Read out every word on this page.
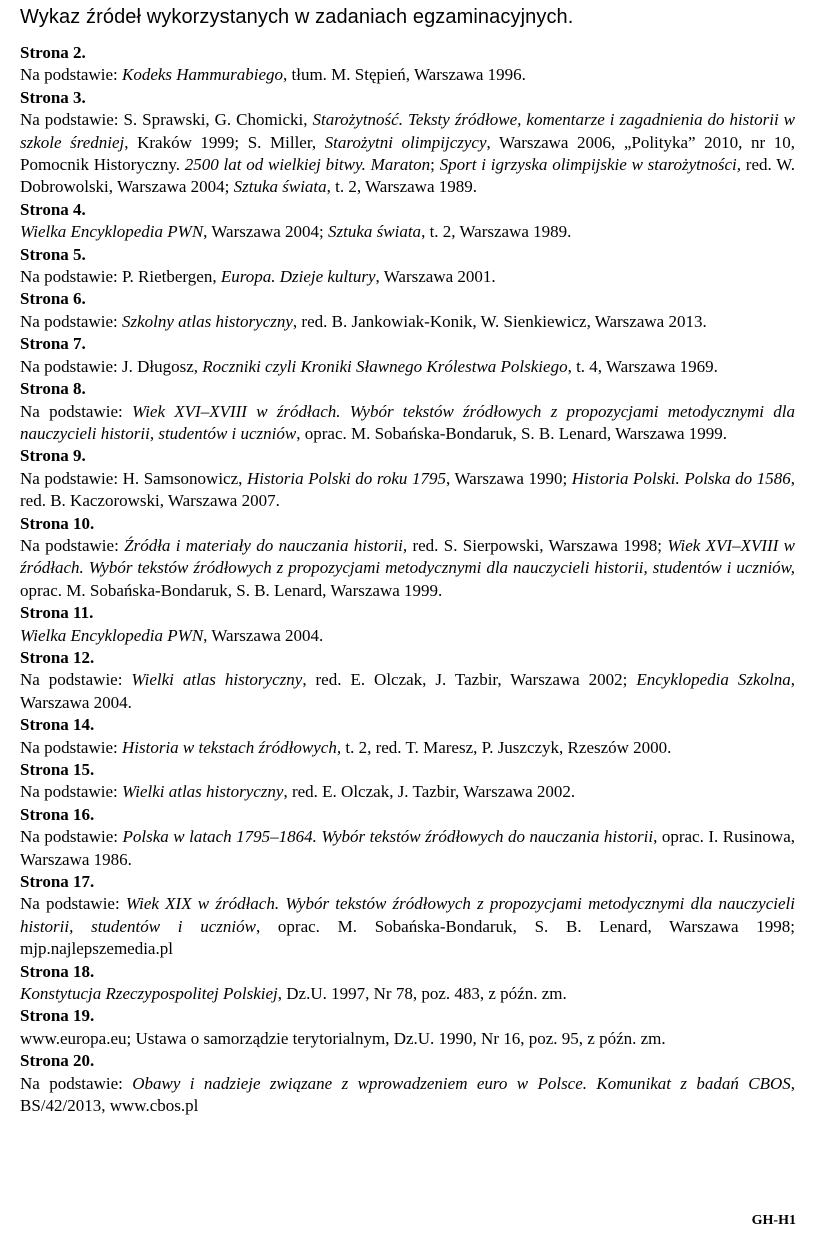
Wykaz źródeł wykorzystanych w zadaniach egzaminacyjnych.
Strona 2.
Na podstawie: Kodeks Hammurabiego, tłum. M. Stępień, Warszawa 1996.
Strona 3.
Na podstawie: S. Sprawski, G. Chomicki, Starożytność. Teksty źródłowe, komentarze i zagadnienia do historii w szkole średniej, Kraków 1999; S. Miller, Starożytni olimpijczycy, Warszawa 2006, „Polityka” 2010, nr 10, Pomocnik Historyczny. 2500 lat od wielkiej bitwy. Maraton; Sport i igrzyska olimpijskie w starożytności, red. W. Dobrowolski, Warszawa 2004; Sztuka świata, t. 2, Warszawa 1989.
Strona 4.
Wielka Encyklopedia PWN, Warszawa 2004; Sztuka świata, t. 2, Warszawa 1989.
Strona 5.
Na podstawie: P. Rietbergen, Europa. Dzieje kultury, Warszawa 2001.
Strona 6.
Na podstawie: Szkolny atlas historyczny, red. B. Jankowiak-Konik, W. Sienkiewicz, Warszawa 2013.
Strona 7.
Na podstawie: J. Długosz, Roczniki czyli Kroniki Sławnego Królestwa Polskiego, t. 4, Warszawa 1969.
Strona 8.
Na podstawie: Wiek XVI–XVIII w źródłach. Wybór tekstów źródłowych z propozycjami metodycznymi dla nauczycieli historii, studentów i uczniów, oprac. M. Sobańska-Bondaruk, S. B. Lenard, Warszawa 1999.
Strona 9.
Na podstawie: H. Samsonowicz, Historia Polski do roku 1795, Warszawa 1990; Historia Polski. Polska do 1586, red. B. Kaczorowski, Warszawa 2007.
Strona 10.
Na podstawie: Źródła i materiały do nauczania historii, red. S. Sierpowski, Warszawa 1998; Wiek XVI–XVIII w źródłach. Wybór tekstów źródłowych z propozycjami metodycznymi dla nauczycieli historii, studentów i uczniów, oprac. M. Sobańska-Bondaruk, S. B. Lenard, Warszawa 1999.
Strona 11.
Wielka Encyklopedia PWN, Warszawa 2004.
Strona 12.
Na podstawie: Wielki atlas historyczny, red. E. Olczak, J. Tazbir, Warszawa 2002; Encyklopedia Szkolna, Warszawa 2004.
Strona 14.
Na podstawie: Historia w tekstach źródłowych, t. 2, red. T. Maresz, P. Juszczyk, Rzeszów 2000.
Strona 15.
Na podstawie: Wielki atlas historyczny, red. E. Olczak, J. Tazbir, Warszawa 2002.
Strona 16.
Na podstawie: Polska w latach 1795–1864. Wybór tekstów źródłowych do nauczania historii, oprac. I. Rusinowa, Warszawa 1986.
Strona 17.
Na podstawie: Wiek XIX w źródłach. Wybór tekstów źródłowych z propozycjami metodycznymi dla nauczycieli historii, studentów i uczniów, oprac. M. Sobańska-Bondaruk, S. B. Lenard, Warszawa 1998; mjp.najlepszemedia.pl
Strona 18.
Konstytucja Rzeczypospolitej Polskiej, Dz.U. 1997, Nr 78, poz. 483, z późn. zm.
Strona 19.
www.europa.eu; Ustawa o samorządzie terytorialnym, Dz.U. 1990, Nr 16, poz. 95, z późn. zm.
Strona 20.
Na podstawie: Obawy i nadzieje związane z wprowadzeniem euro w Polsce. Komunikat z badań CBOS, BS/42/2013, www.cbos.pl
GH-H1
